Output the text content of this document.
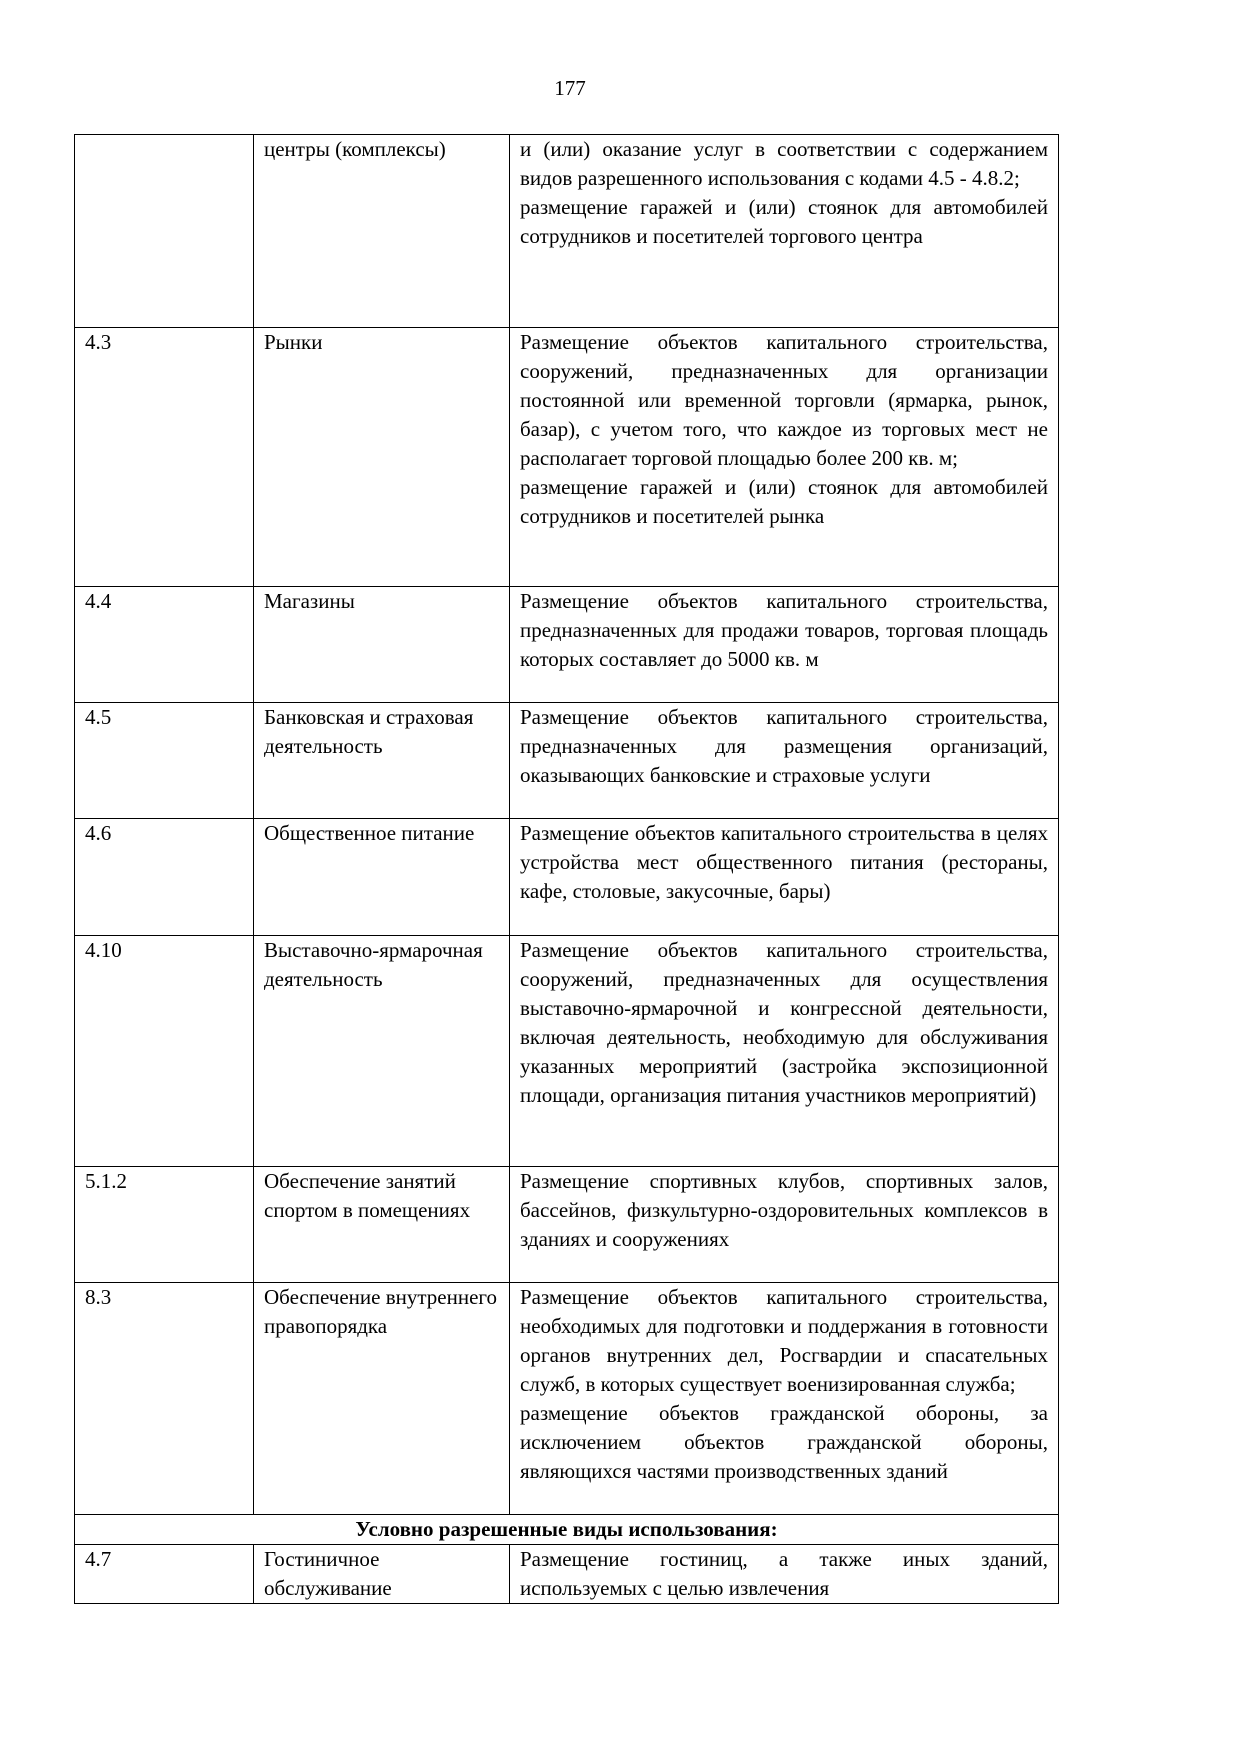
177
	центры (комплексы)	и (или) оказание услуг в соответствии с содержанием видов разрешенного использования с кодами 4.5 - 4.8.2;

размещение гаражей и (или) стоянок для автомобилей сотрудников и посетителей торгового центра

4.3	Рынки	Размещение объектов капитального строительства, сооружений, предназначенных для организации постоянной или временной торговли (ярмарка, рынок, базар), с учетом того, что каждое из торговых мест не располагает торговой площадью более 200 кв. м;

размещение гаражей и (или) стоянок для автомобилей сотрудников и посетителей рынка

4.4	Магазины	Размещение объектов капитального строительства, предназначенных для продажи товаров, торговая площадь которых составляет до 5000 кв. м

4.5	Банковская и страховая деятельность	Размещение объектов капитального строительства, предназначенных для размещения организаций, оказывающих банковские и страховые услуги

4.6	Общественное питание	Размещение объектов капитального строительства в целях устройства мест общественного питания (рестораны, кафе, столовые, закусочные, бары)

4.10	Выставочно-ярмарочная деятельность	Размещение объектов капитального строительства, сооружений, предназначенных для осуществления выставочно-ярмарочной и конгрессной деятельности, включая деятельность, необходимую для обслуживания указанных мероприятий (застройка экспозиционной площади, организация питания участников мероприятий)

5.1.2	Обеспечение занятий спортом в помещениях	Размещение спортивных клубов, спортивных залов, бассейнов, физкультурно-оздоровительных комплексов в зданиях и сооружениях

8.3	Обеспечение внутреннего правопорядка	Размещение объектов капитального строительства, необходимых для подготовки и поддержания в готовности органов внутренних дел, Росгвардии и спасательных служб, в которых существует военизированная служба;

размещение объектов гражданской обороны, за исключением объектов гражданской обороны, являющихся частями производственных зданий

Условно разрешенные виды использования:		
4.7	Гостиничное обслуживание	Размещение гостиниц, а также иных зданий, используемых с целью извлечения
